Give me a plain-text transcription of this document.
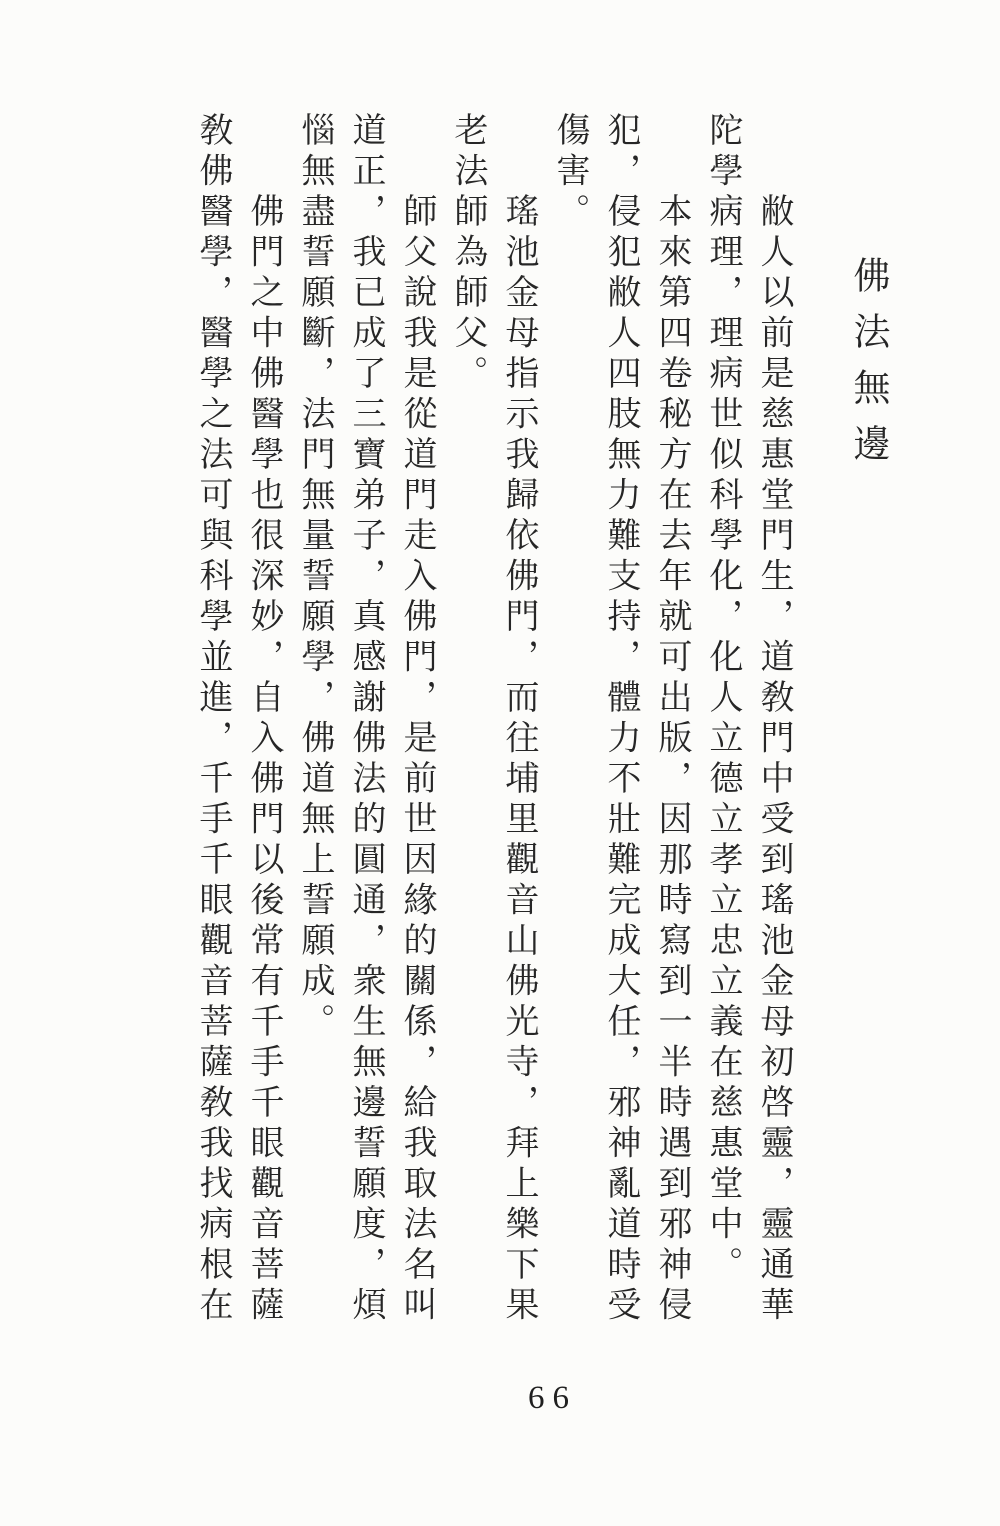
佛法無邊

敝人以前是慈惠堂門生，道敎門中受到瑤池金母初啓靈，靈通華陀學病理，理病世似科學化，化人立德立孝立忠立義在慈惠堂中。

本來第四卷秘方在去年就可出版，因那時寫到一半時遇到邪神侵犯，侵犯敝人四肢無力難支持，體力不壯難完成大任，邪神亂道時受傷害。

瑤池金母指示我歸依佛門，而往埔里觀音山佛光寺，拜上樂下果老法師為師父。

師父說我是從道門走入佛門，是前世因緣的關係，給我取法名叫道正，我已成了三寶弟子，真感謝佛法的圓通，衆生無邊誓願度，煩惱無盡誓願斷，法門無量誓願學，佛道無上誓願成。

佛門之中佛醫學也很深妙，自入佛門以後常有千手千眼觀音菩薩敎佛醫學，醫學之法可與科學並進，千手千眼觀音菩薩敎我找病根在

66
